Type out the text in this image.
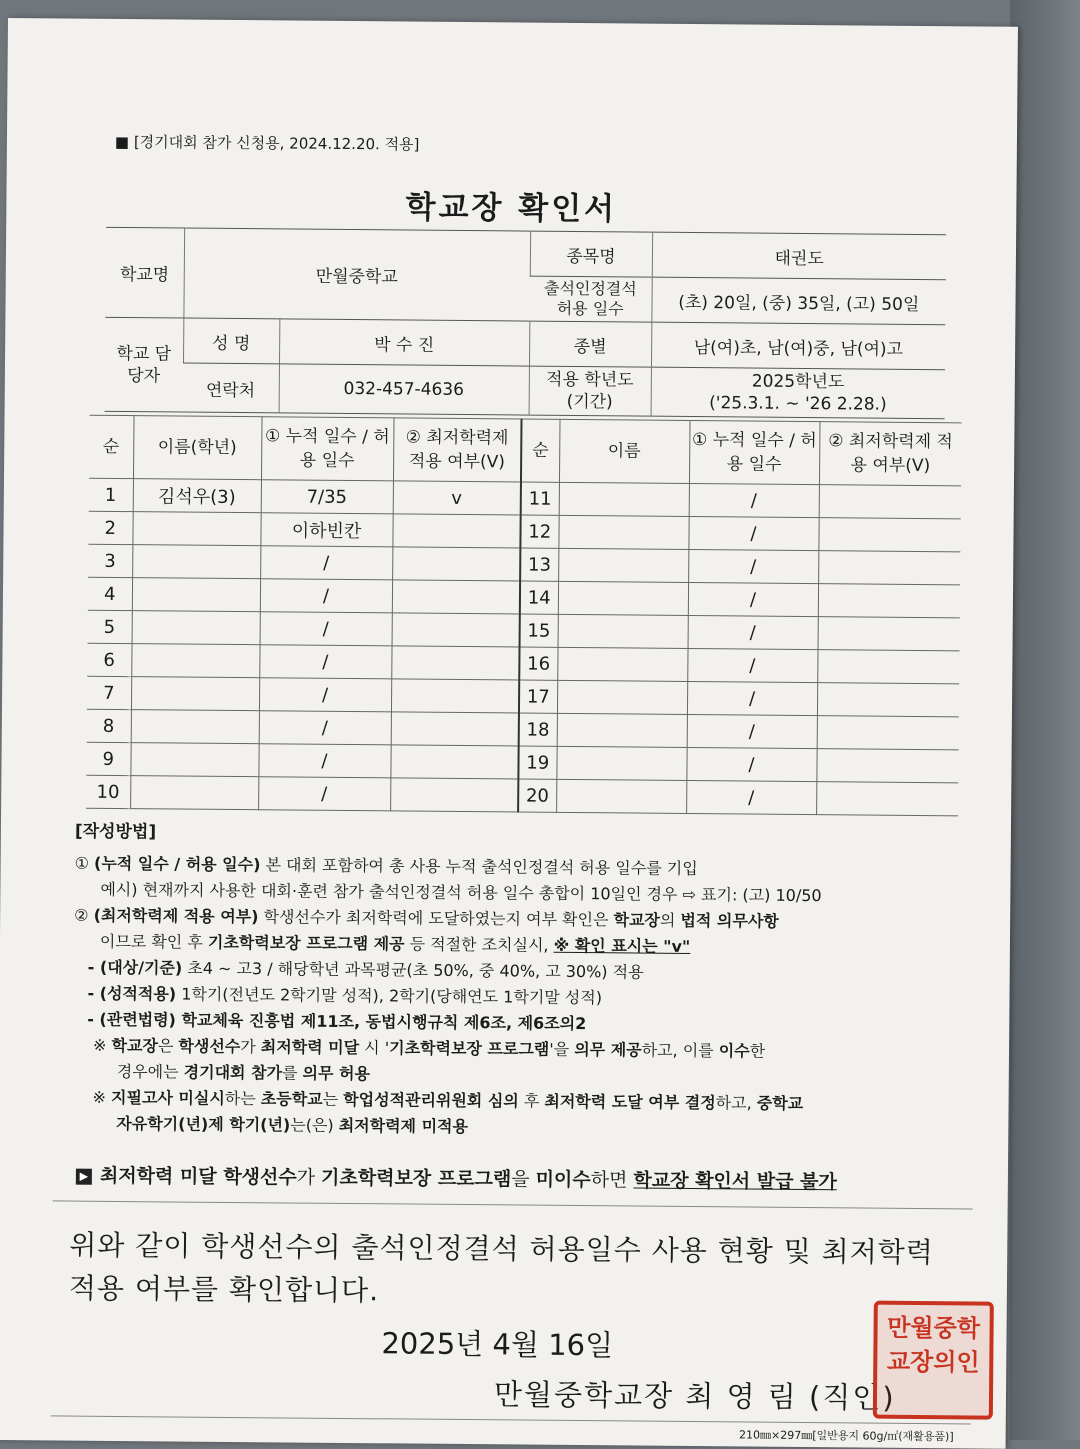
■ [경기대회 참가 신청용, 2024.12.20. 적용]
학교장 확인서
학교명	만월중학교		종목명	태권도
			출석인정결석 허용 일수	(초) 20일, (중) 35일, (고) 50일
학교 담당자	성 명	박 수 진	종별	남(여)초, 남(여)중, 남(여)고
	연락처	032-457-4636	적용 학년도 (기간)	2025학년도
('25.3.1. ~ '26 2.28.)
순	이름(학년)	① 누적 일수 / 허용 일수	② 최저학력제 적용 여부(V)	순	이름	① 누적 일수 / 허용 일수	② 최저학력제 적용 여부(V)
1	김석우(3)	7/35	v	11		/	
2		이하빈칸		12		/	
3		/		13		/	
4		/		14		/	
5		/		15		/	
6		/		16		/	
7		/		17		/	
8		/		18		/	
9		/		19		/	
10		/		20		/	

[작성방법]

① (누적 일수 / 허용 일수) 본 대회 포함하여 총 사용 누적 출석인정결석 허용 일수를 기입

예시) 현재까지 사용한 대회·훈련 참가 출석인정결석 허용 일수 총합이 10일인 경우 ⇨ 표기: (고) 10/50

② (최저학력제 적용 여부) 학생선수가 최저학력에 도달하였는지 여부 확인은 학교장의 법적 의무사항

이므로 확인 후 기초학력보장 프로그램 제공 등 적절한 조치실시, ※ 확인 표시는 "v"

- (대상/기준) 초4 ~ 고3 / 해당학년 과목평균(초 50%, 중 40%, 고 30%) 적용

- (성적적용) 1학기(전년도 2학기말 성적), 2학기(당해연도 1학기말 성적)

- (관련법령) 학교체육 진흥법 제11조, 동법시행규칙 제6조, 제6조의2

※ 학교장은 학생선수가 최저학력 미달 시 '기초학력보장 프로그램'을 의무 제공하고, 이를 이수한

경우에는 경기대회 참가를 의무 허용

※ 지필고사 미실시하는 초등학교는 학업성적관리위원회 심의 후 최저학력 도달 여부 결정하고, 중학교

자유학기(년)제 학기(년)는(은) 최저학력제 미적용

▶ 최저학력 미달 학생선수가 기초학력보장 프로그램을 미이수하면 학교장 확인서 발급 불가
위와 같이 학생선수의 출석인정결석 허용일수 사용 현황 및 최저학력
적용 여부를 확인합니다.
2025년 4월 16일
만월중학교장 최 영 림 (직인)
만월중학교장의인
210㎜×297㎜[일반용지 60g/㎡(재활용품)]
